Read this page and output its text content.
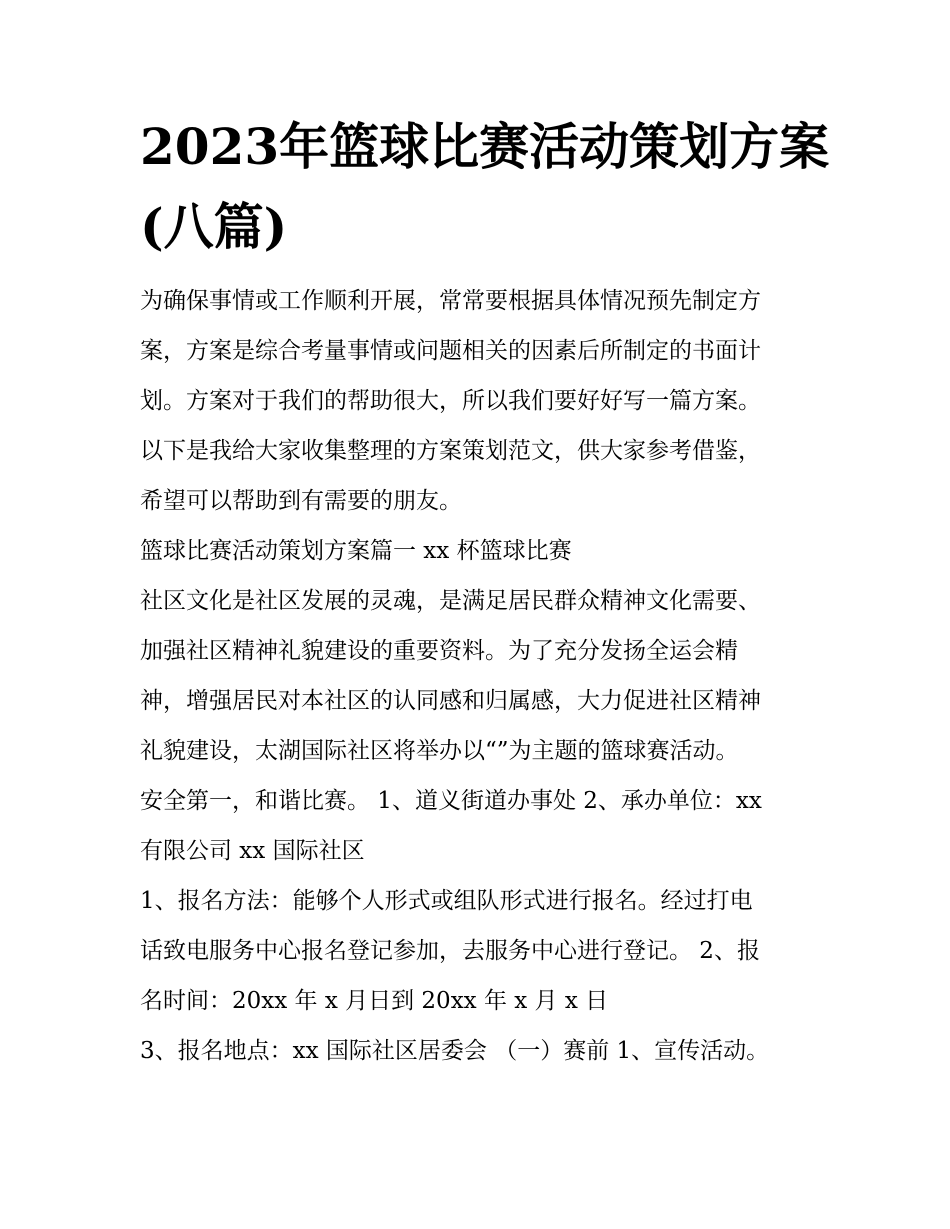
2023年篮球比赛活动策划方案
(八篇)
为确保事情或工作顺利开展，常常要根据具体情况预先制定方
案，方案是综合考量事情或问题相关的因素后所制定的书面计
划。方案对于我们的帮助很大，所以我们要好好写一篇方案。
以下是我给大家收集整理的方案策划范文，供大家参考借鉴，
希望可以帮助到有需要的朋友。
篮球比赛活动策划方案篇一 xx 杯篮球比赛
社区文化是社区发展的灵魂，是满足居民群众精神文化需要、
加强社区精神礼貌建设的重要资料。为了充分发扬全运会精
神，增强居民对本社区的认同感和归属感，大力促进社区精神
礼貌建设，太湖国际社区将举办以“”为主题的篮球赛活动。
安全第一，和谐比赛。 1、道义街道办事处 2、承办单位：xx
有限公司 xx 国际社区
1、报名方法：能够个人形式或组队形式进行报名。经过打电
话致电服务中心报名登记参加，去服务中心进行登记。 2、报
名时间：20xx 年 x 月日到 20xx 年 x 月 x 日
3、报名地点：xx 国际社区居委会 （一）赛前 1、宣传活动。
